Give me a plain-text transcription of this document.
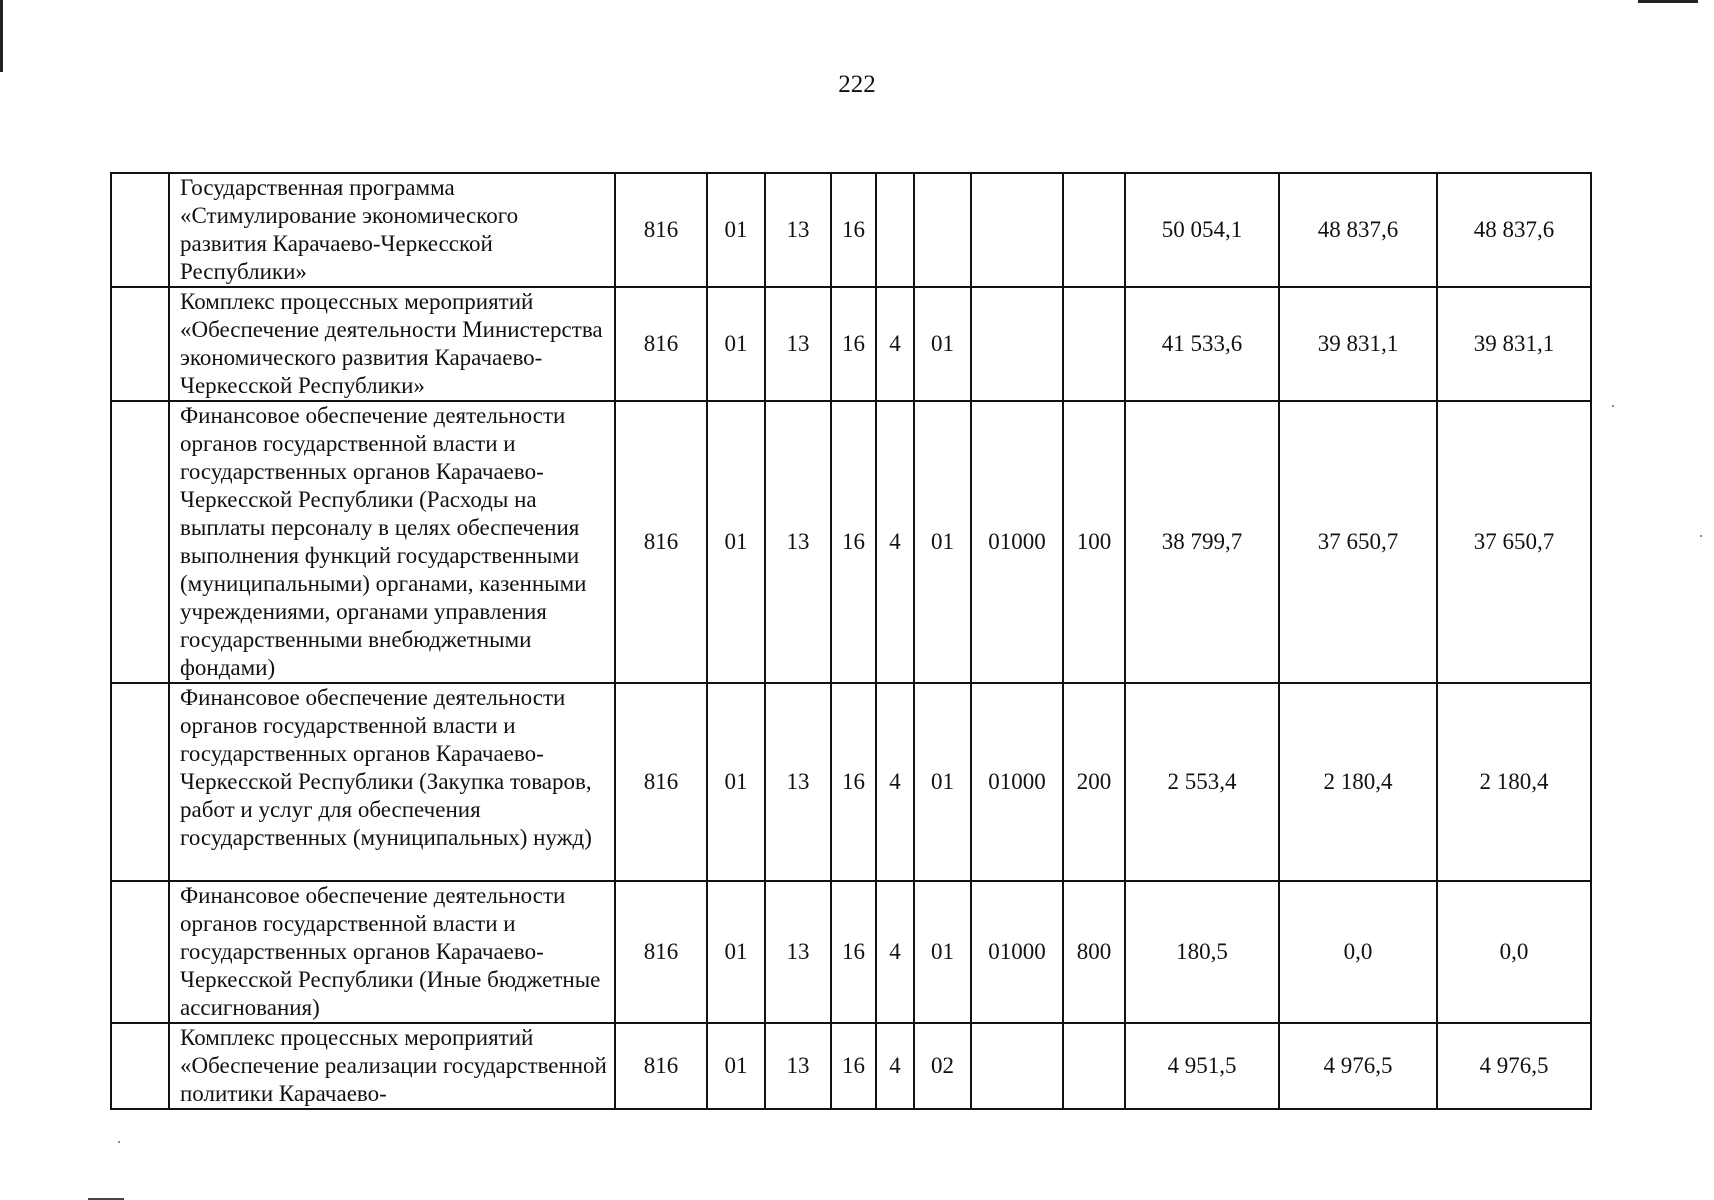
222
	Государственная программа «Стимулирование экономического развития Карачаево-Черкесской Республики»	816	01	13	16					50 054,1	48 837,6	48 837,6
	Комплекс процессных мероприятий «Обеспечение деятельности Министерства экономического развития Карачаево-Черкесской Республики»	816	01	13	16	4	01			41 533,6	39 831,1	39 831,1
	Финансовое обеспечение деятельности органов государственной власти и государственных органов Карачаево-Черкесской Республики (Расходы на выплаты персоналу в целях обеспечения выполнения функций государственными (муниципальными) органами, казенными учреждениями, органами управления государственными внебюджетными фондами)	816	01	13	16	4	01	01000	100	38 799,7	37 650,7	37 650,7
	Финансовое обеспечение деятельности органов государственной власти и государственных органов Карачаево-Черкесской Республики (Закупка товаров, работ и услуг для обеспечения государственных (муниципальных) нужд)	816	01	13	16	4	01	01000	200	2 553,4	2 180,4	2 180,4
	Финансовое обеспечение деятельности органов государственной власти и государственных органов Карачаево-Черкесской Республики (Иные бюджетные ассигнования)	816	01	13	16	4	01	01000	800	180,5	0,0	0,0
	Комплекс процессных мероприятий «Обеспечение реализации государственной политики Карачаево-	816	01	13	16	4	02			4 951,5	4 976,5	4 976,5
